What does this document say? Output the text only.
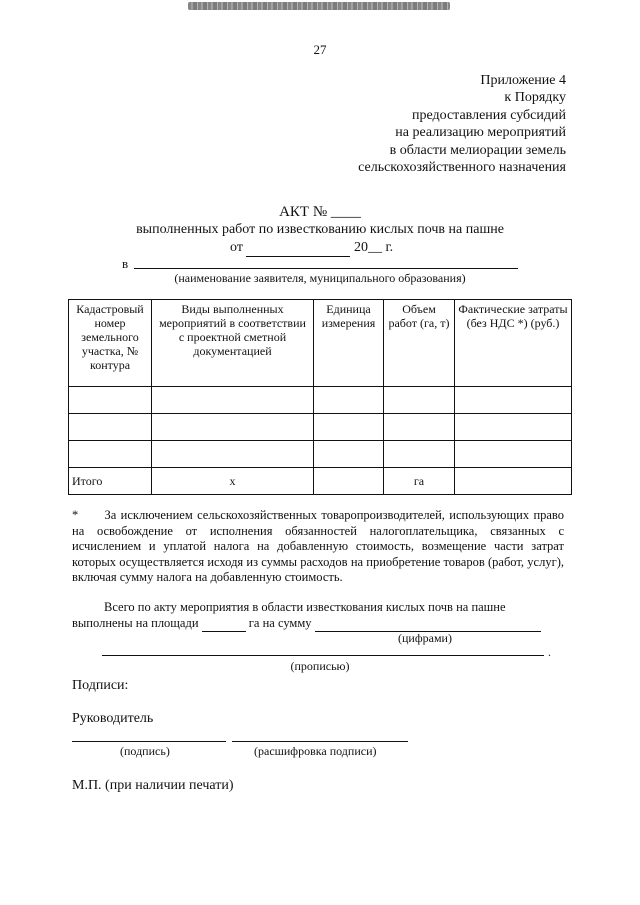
27
Приложение 4
к Порядку
предоставления субсидий
на реализацию мероприятий
в области мелиорации земель
сельскохозяйственного назначения
АКТ № ____
выполненных работ по известкованию кислых почв на пашне
от	20__ г.
в
(наименование заявителя, муниципального образования)
Кадастровый номер земельного участка, № контура	Виды выполненных мероприятий в соответствии с проектной сметной документацией	Единица измерения	Объем работ (га, т)	Фактические затраты (без НДС *) (руб.)

Итого	х		га	
*      За исключением сельскохозяйственных товаропроизводителей, использующих право на освобождение от исполнения обязанностей налогоплательщика, связанных с исчислением и уплатой налога на добавленную стоимость, возмещение части затрат которых осуществляется исходя из суммы расходов на приобретение товаров (работ, услуг), включая сумму налога на добавленную стоимость.
Всего по акту мероприятия в области известкования кислых почв на пашне
выполнены на площади	га на сумму
(цифрами)
.
(прописью)
Подписи:
Руководитель
(подпись)	(расшифровка подписи)
М.П. (при наличии печати)
